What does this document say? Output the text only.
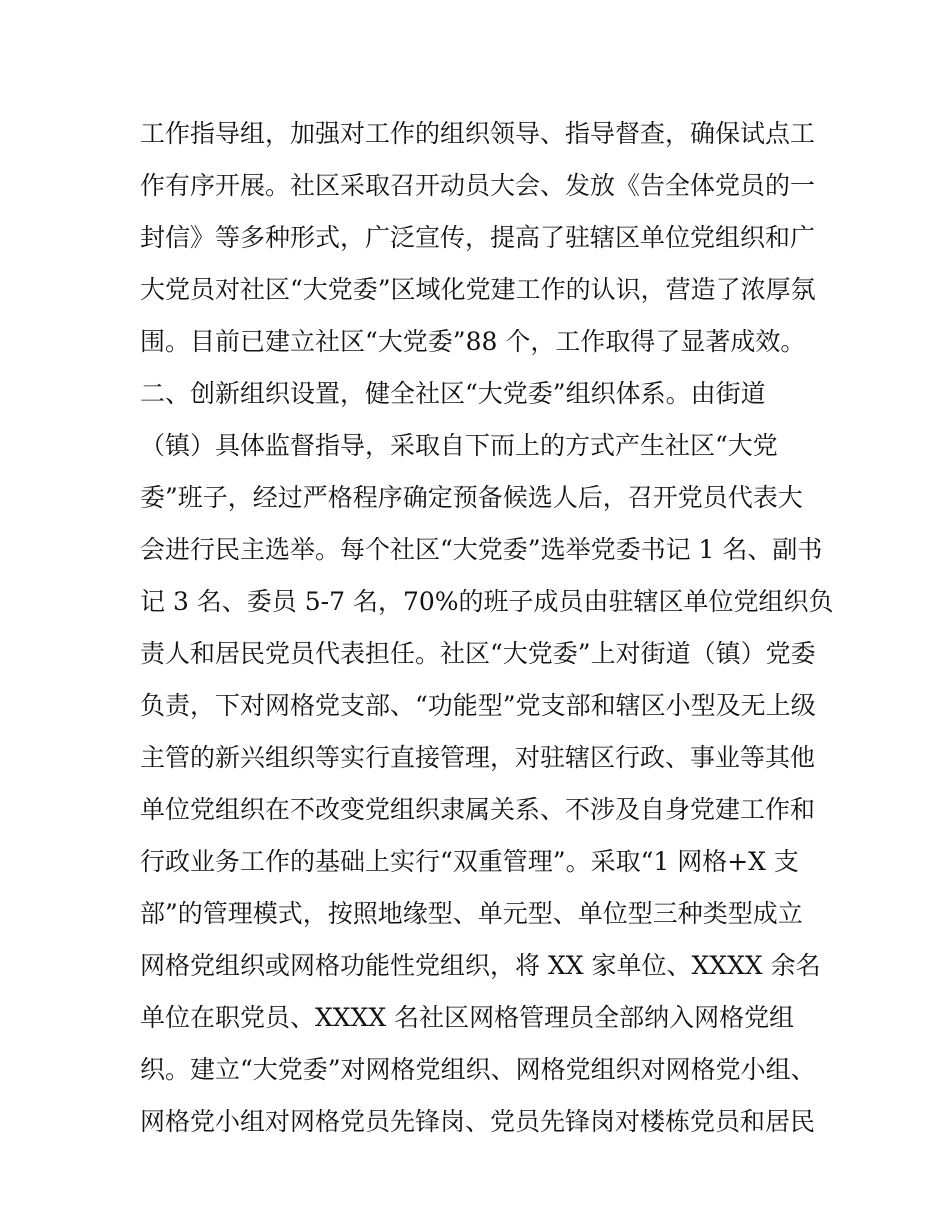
工作指导组，加强对工作的组织领导、指导督查，确保试点工
作有序开展。社区采取召开动员大会、发放《告全体党员的一
封信》等多种形式，广泛宣传，提高了驻辖区单位党组织和广
大党员对社区“大党委”区域化党建工作的认识，营造了浓厚氛
围。目前已建立社区“大党委”88 个，工作取得了显著成效。
二、创新组织设置，健全社区“大党委”组织体系。由街道
（镇）具体监督指导，采取自下而上的方式产生社区“大党
委”班子，经过严格程序确定预备候选人后，召开党员代表大
会进行民主选举。每个社区“大党委”选举党委书记 1 名、副书
记 3 名、委员 5-7 名，70%的班子成员由驻辖区单位党组织负
责人和居民党员代表担任。社区“大党委”上对街道（镇）党委
负责，下对网格党支部、“功能型”党支部和辖区小型及无上级
主管的新兴组织等实行直接管理，对驻辖区行政、事业等其他
单位党组织在不改变党组织隶属关系、不涉及自身党建工作和
行政业务工作的基础上实行“双重管理”。采取“1 网格+X 支
部”的管理模式，按照地缘型、单元型、单位型三种类型成立
网格党组织或网格功能性党组织，将 XX 家单位、XXXX 余名
单位在职党员、XXXX 名社区网格管理员全部纳入网格党组
织。建立“大党委”对网格党组织、网格党组织对网格党小组、
网格党小组对网格党员先锋岗、党员先锋岗对楼栋党员和居民
